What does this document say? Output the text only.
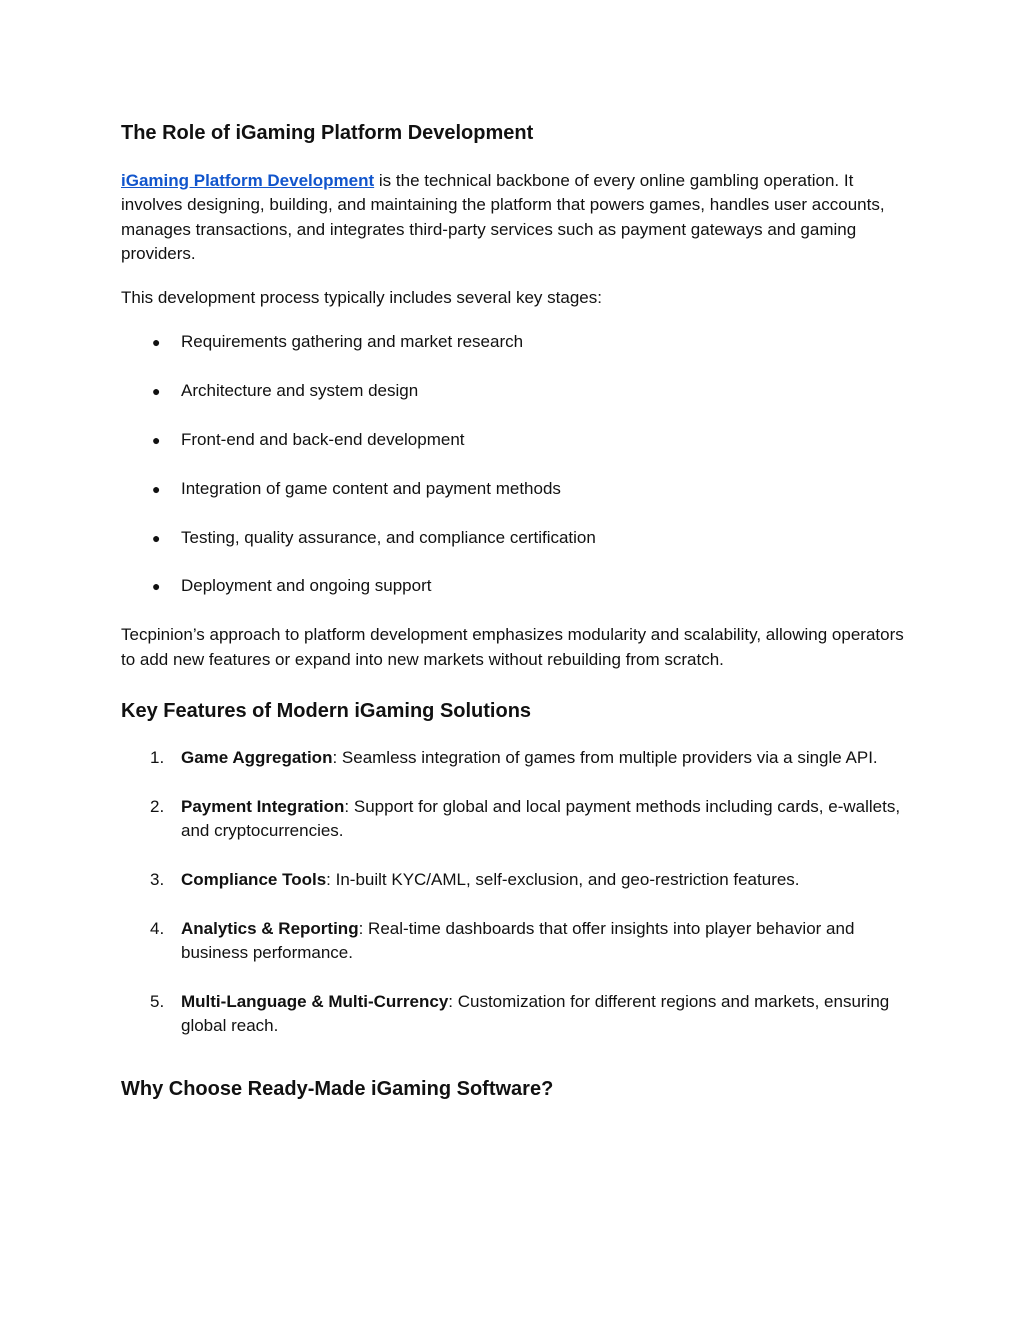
The Role of iGaming Platform Development

iGaming Platform Development is the technical backbone of every online gambling operation. It involves designing, building, and maintaining the platform that powers games, handles user accounts, manages transactions, and integrates third-party services such as payment gateways and gaming providers.

This development process typically includes several key stages:

● Requirements gathering and market research
● Architecture and system design
● Front-end and back-end development
● Integration of game content and payment methods
● Testing, quality assurance, and compliance certification
● Deployment and ongoing support

Tecpinion’s approach to platform development emphasizes modularity and scalability, allowing operators to add new features or expand into new markets without rebuilding from scratch.

Key Features of Modern iGaming Solutions
1. Game Aggregation: Seamless integration of games from multiple providers via a single API.
2. Payment Integration: Support for global and local payment methods including cards, e-wallets, and cryptocurrencies.
3. Compliance Tools: In-built KYC/AML, self-exclusion, and geo-restriction features.
4. Analytics & Reporting: Real-time dashboards that offer insights into player behavior and business performance.
5. Multi-Language & Multi-Currency: Customization for different regions and markets, ensuring global reach.
Why Choose Ready-Made iGaming Software?
